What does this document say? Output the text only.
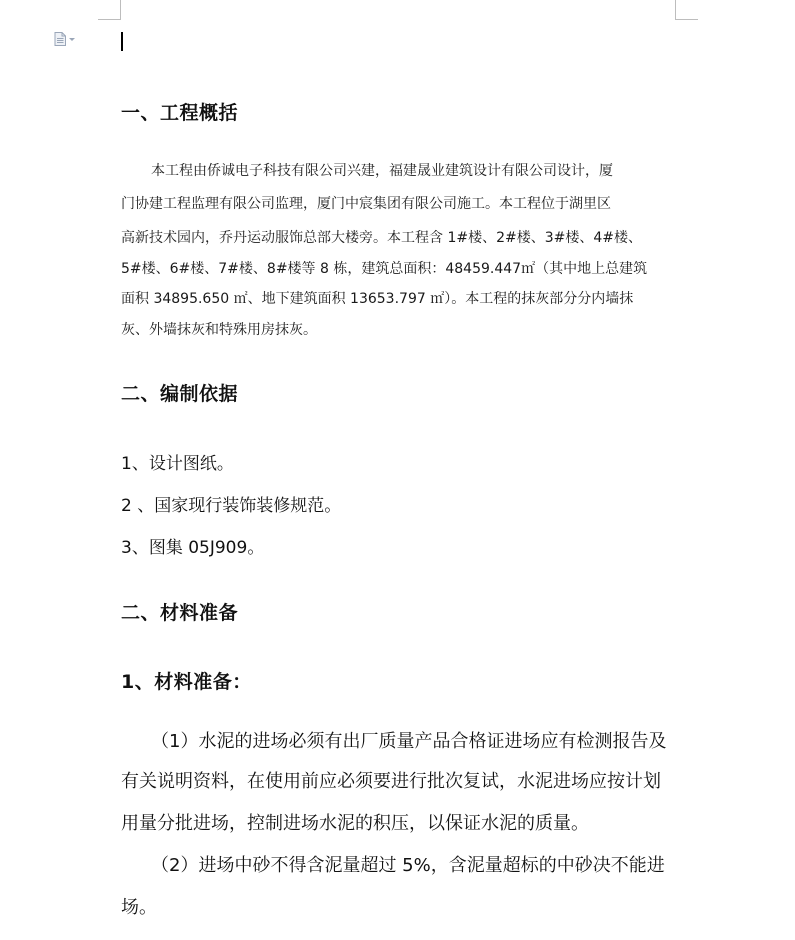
一、工程概括
本工程由侨诚电子科技有限公司兴建，福建晟业建筑设计有限公司设计，厦
门协建工程监理有限公司监理，厦门中宸集团有限公司施工。本工程位于湖里区
高新技术园内，乔丹运动服饰总部大楼旁。本工程含 1#楼、2#楼、3#楼、4#楼、
5#楼、6#楼、7#楼、8#楼等 8 栋，建筑总面积：48459.447㎡（其中地上总建筑
面积 34895.650 ㎡、地下建筑面积 13653.797 ㎡）。本工程的抹灰部分分内墙抹
灰、外墙抹灰和特殊用房抹灰。
二、编制依据
1、设计图纸。
2 、国家现行装饰装修规范。
3、图集 05J909。
二、材料准备
1、材料准备：
（1）水泥的进场必须有出厂质量产品合格证进场应有检测报告及
有关说明资料，在使用前应必须要进行批次复试，水泥进场应按计划
用量分批进场，控制进场水泥的积压，以保证水泥的质量。
（2）进场中砂不得含泥量超过 5%，含泥量超标的中砂决不能进
场。
